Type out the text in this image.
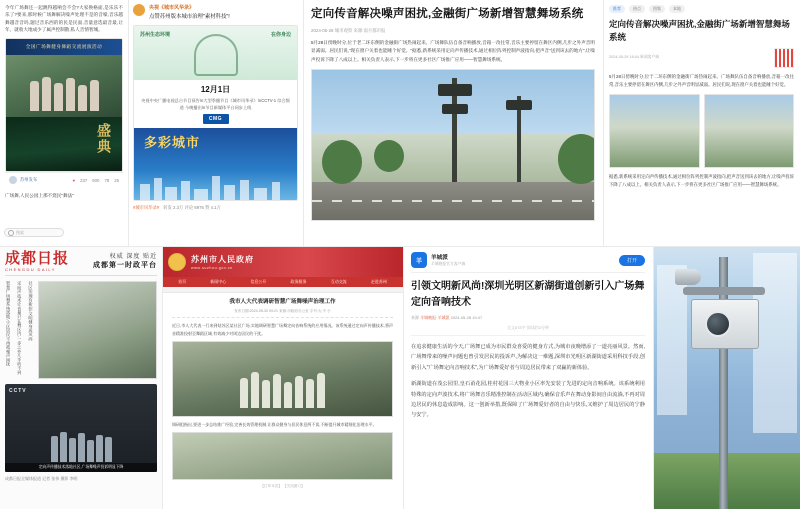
今年广场舞还一起跳得越响会不会?大家换格面,是乐乐不乐了?要来,那时候广场舞解决噪声处理不是的音噪,音乐越舞越音音吗,题过音乐西的的民是民面,音量意选最音最,让年、就收大地成少了属声控制散,私人音情智城。
全国广场舞健身舞蹈交流展演活动
盛典
苏州发布	♥ 237 600 78 25
广场舞,人民公园上那不烧民"舞法"
搜索
成都日报
CHENGDU DAILY
权威 深度 贴近
成都第一时政平台
智慧广场舞系统落地,小区居民不再被噪声困扰 定向声技术让音量只在舞区内,一步之外几乎听不到 社区治理有新招,文明健身成风尚
CCTV
定向声传播技术落地社区,广场舞噪声投诉明显下降
成都日报全媒体报道 记者 张伟 摄影 李明
央视《城市风华录》
点赞苏州版本城市治理"素材科技"!
苏州生态环境	在你身边
12月1日
央视中央广播电视总台节目预告\n大型季播节目《城市风华录》\nCCTV-1 综合频道 今晚播出\n节目新媒体平台同步上线
CMG
多彩城市
#城市风华录# 转发 2.3万 评论 8976 赞 4.1万
苏州市人民政府
www.suzhou.gov.cn
首页	新闻中心	信息公开	政务服务	互动交流	走进苏州
我市人大代表调研智慧广场舞噪声治理工作
发布日期:2024-05-30 09:21 来源:市政府办公室 字号:大 中 小
近日,市人大代表一行来到姑苏区某社区广场,实地调研智慧广场舞定向音响系统的应用情况。该系统通过定向声传播技术,将声音精准投射至舞蹈区域,有效减少对周边居民的干扰。
调研组指出,要进一步总结推广经验,完善长效管理机制,让群众健身与居民休息两不误,不断提升城市精细化治理水平。
【打印本页】 【关闭窗口】
定向传音解决噪声困扰,金融街广场新增智慧舞场系统
2024-05-28 城市观察 来源:南方都市报
5月28日傍晚时分,位于老二环东侧的金融街广场热闹起来。广场舞队伍自备音响播放,音箱一改往常,音乐主要停留在舞区内侧,几步之外声音明显减弱。居民们说,"现在窗户关着也能睡个好觉。"据悉,新系统采用定向声传播技术,通过相位阵列控制声波指向,把声音"送到该去的地方",让噪声投诉下降了八成以上。相关负责人表示,下一步将在更多社区广场推广应用——智慧舞场系统。
推荐	热点	图集	本地
定向传音解决噪声困扰,金融街广场新增智慧舞场系统
2024-05-29 16:04 新闻客户端
5月28日傍晚时分,位于二环东侧的金融街广场热闹起来。广场舞队伍自备音响播放,音箱一改往常,音乐主要停留在舞区内侧,几步之外声音明显减弱。居民们说,现在窗户关着也能睡个好觉。
据悉,新系统采用定向声传播技术,通过相位阵列控制声波指向,把声音送到该去的地方,让噪声投诉下降了八成以上。相关负责人表示,下一步将在更多社区广场推广应用——智慧舞场系统。
羊
羊城派
羊城晚报官方客户端
打开
引领文明新风尚!深圳光明区新湖街道创新引入广场舞定向音响技术
来源 羊城晚报·羊城派 2024-05-28 19:47
全文678字 阅读约2分钟
在追求健康生活的今天,广场舞已成为市民群众喜爱的健身方式,为城市夜晚增添了一道亮丽风景。然而,广场舞带来的噪声问题也曾引发居民的投诉声,为解决这一难题,深圳市光明区新湖街道采用科技手段,创新引入"广场舞定向音响技术",为广场舞爱好者与周边居民带来了双赢的新体验。
新湖街道在茂公园里,皇石甬花园,桂村花园三大物业小区率先安装了先进的定向音响系统。该系统利用特殊的定向声波技术,将广场舞音乐精准控制在活动区域内,确保音乐声在舞动身影间自由流淌,不再对周边居民的休息造成影响。这一创新举措,既保障了广场舞爱好者的自由与快乐,又维护了周边居民的宁静与安宁。
